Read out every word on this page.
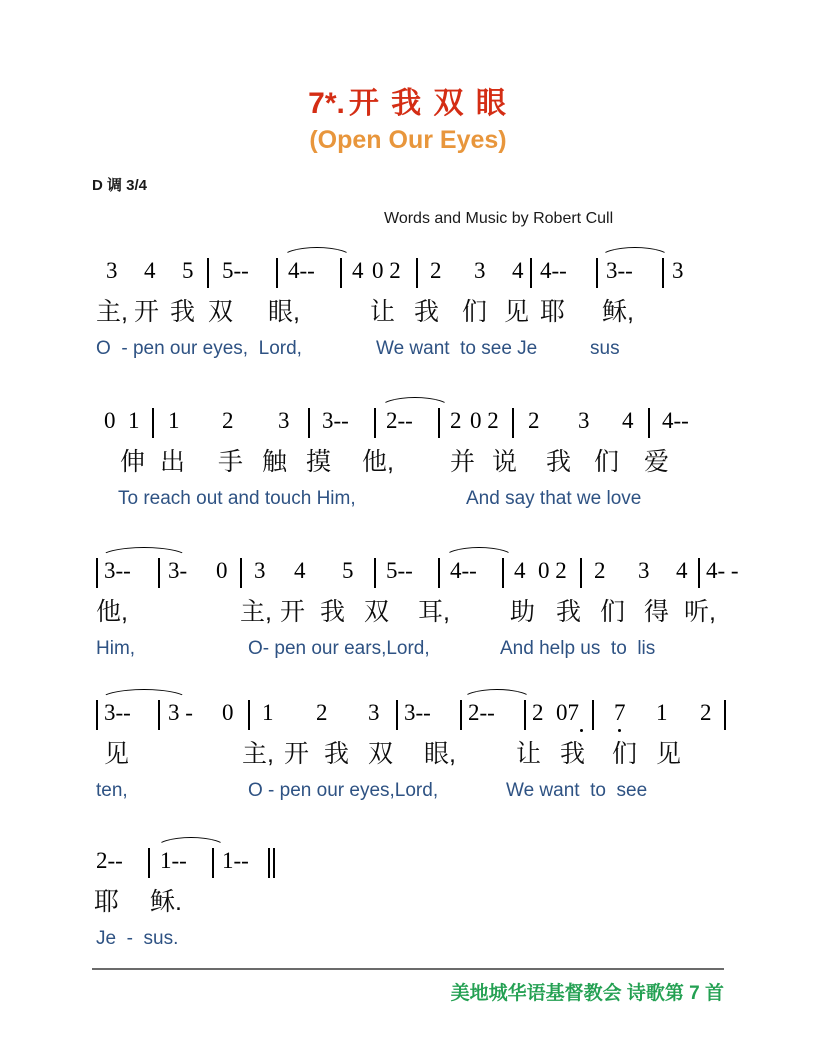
7*. 开 我 双 眼
(Open Our Eyes)
D 调 3/4
Words and Music by Robert Cull
3 4 5 5-- 4-- 4 0 2 2 3 4 4-- 3-- 3
主, 开 我 双 眼,	让 我 们 见 耶 稣,
O  - pen our eyes,  Lord,	We want  to see Je	sus
0 1 1 2 3 3-- 2-- 2 0 2 2 3 4 4--
伸 出 手 触 摸 他, 并 说 我 们 爱
To reach out and touch Him,	And say that we love
3-- 3- 0 3 4 5 5-- 4-- 4 0 2 2 3 4 4- -
他,	主, 开 我 双 耳, 助 我 们 得 听,
Him,	O- pen our ears,Lord,	And help us  to  lis
3-- 3 - 0 1 2 3 3-- 2-- 2 07 7 1 2
见	主, 开 我 双 眼, 让 我 们 见
ten,	O - pen our eyes,Lord,	We want  to  see
2-- 1-- 1--
耶 稣.
Je  -  sus.
美地城华语基督教会 诗歌第 7 首
